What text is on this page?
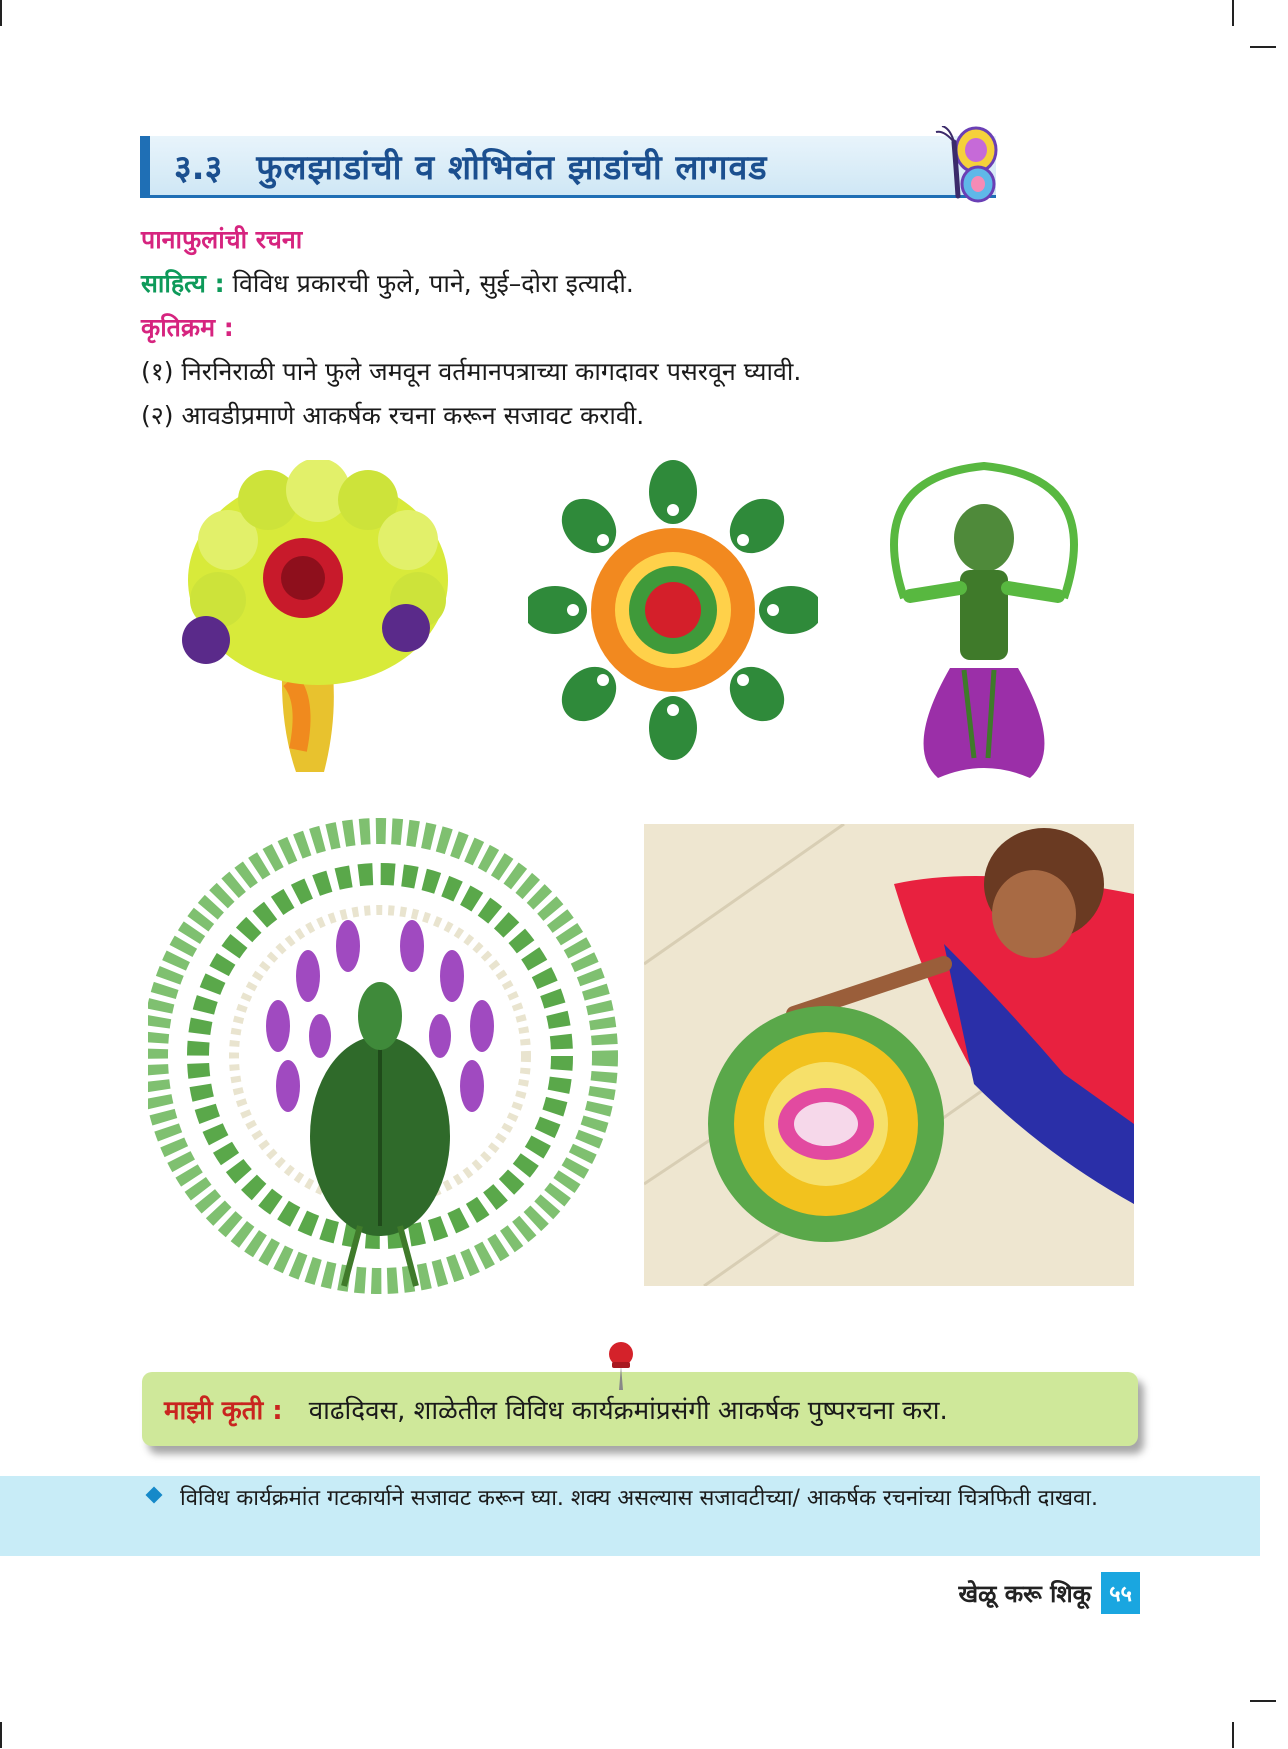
३.३ फुलझाडांची व शोभिवंत झाडांची लागवड
पानाफुलांची रचना
साहित्य : विविध प्रकारची फुले, पाने, सुई–दोरा इत्यादी.
कृतिक्रम :
(१) निरनिराळी पाने फुले जमवून वर्तमानपत्राच्या कागदावर पसरवून घ्यावी.
(२) आवडीप्रमाणे आकर्षक रचना करून सजावट करावी.
माझी कृती : वाढदिवस, शाळेतील विविध कार्यक्रमांप्रसंगी आकर्षक पुष्परचना करा.
विविध कार्यक्रमांत गटकार्याने सजावट करून घ्या. शक्य असल्यास सजावटीच्या/ आकर्षक रचनांच्या चित्रफिती दाखवा.
खेळू करू शिकू ५५
